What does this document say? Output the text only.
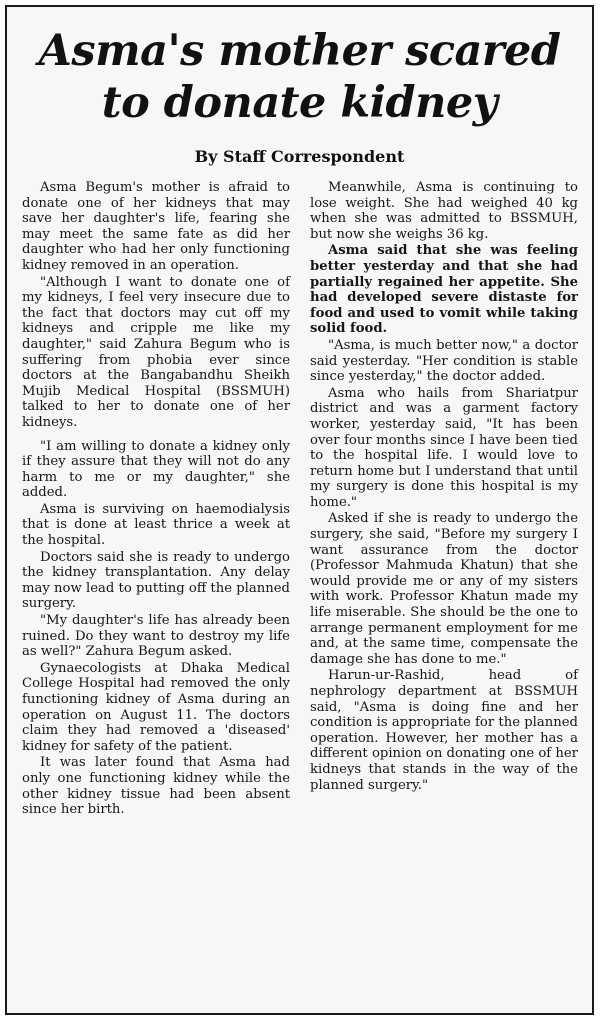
Asma's mother scared
to donate kidney
By Staff Correspondent

Asma Begum's mother is afraid to donate one of her kidneys that may save her daughter's life, fearing she may meet the same fate as did her daughter who had her only functioning kidney removed in an operation.

"Although I want to donate one of my kidneys, I feel very insecure due to the fact that doctors may cut off my kidneys and cripple me like my daughter," said Zahura Begum who is suffering from phobia ever since doctors at the Bangabandhu Sheikh Mujib Medical Hospital (BSSMUH) talked to her to donate one of her kidneys.

"I am willing to donate a kidney only if they assure that they will not do any harm to me or my daughter," she added.

Asma is surviving on haemodialysis that is done at least thrice a week at the hospital.

Doctors said she is ready to undergo the kidney transplantation. Any delay may now lead to putting off the planned surgery.

"My daughter's life has already been ruined. Do they want to destroy my life as well?" Zahura Begum asked.

Gynaecologists at Dhaka Medical College Hospital had removed the only functioning kidney of Asma during an operation on August 11. The doctors claim they had removed a 'diseased' kidney for safety of the patient.

It was later found that Asma had only one functioning kidney while the other kidney tissue had been absent since her birth.

Meanwhile, Asma is continuing to lose weight. She had weighed 40 kg when she was admitted to BSSMUH, but now she weighs 36 kg.

Asma said that she was feeling better yesterday and that she had partially regained her appetite. She had developed severe distaste for food and used to vomit while taking solid food.

"Asma, is much better now," a doctor said yesterday. "Her condition is stable since yesterday," the doctor added.

Asma who hails from Shariatpur district and was a garment factory worker, yesterday said, "It has been over four months since I have been tied to the hospital life. I would love to return home but I understand that until my surgery is done this hospital is my home."

Asked if she is ready to undergo the surgery, she said, "Before my surgery I want assurance from the doctor (Professor Mahmuda Khatun) that she would provide me or any of my sisters with work. Professor Khatun made my life miserable. She should be the one to arrange permanent employment for me and, at the same time, compensate the damage she has done to me."

Harun-ur-Rashid, head of nephrology department at BSSMUH said, "Asma is doing fine and her condition is appropriate for the planned operation. However, her mother has a different opinion on donating one of her kidneys that stands in the way of the planned surgery."
